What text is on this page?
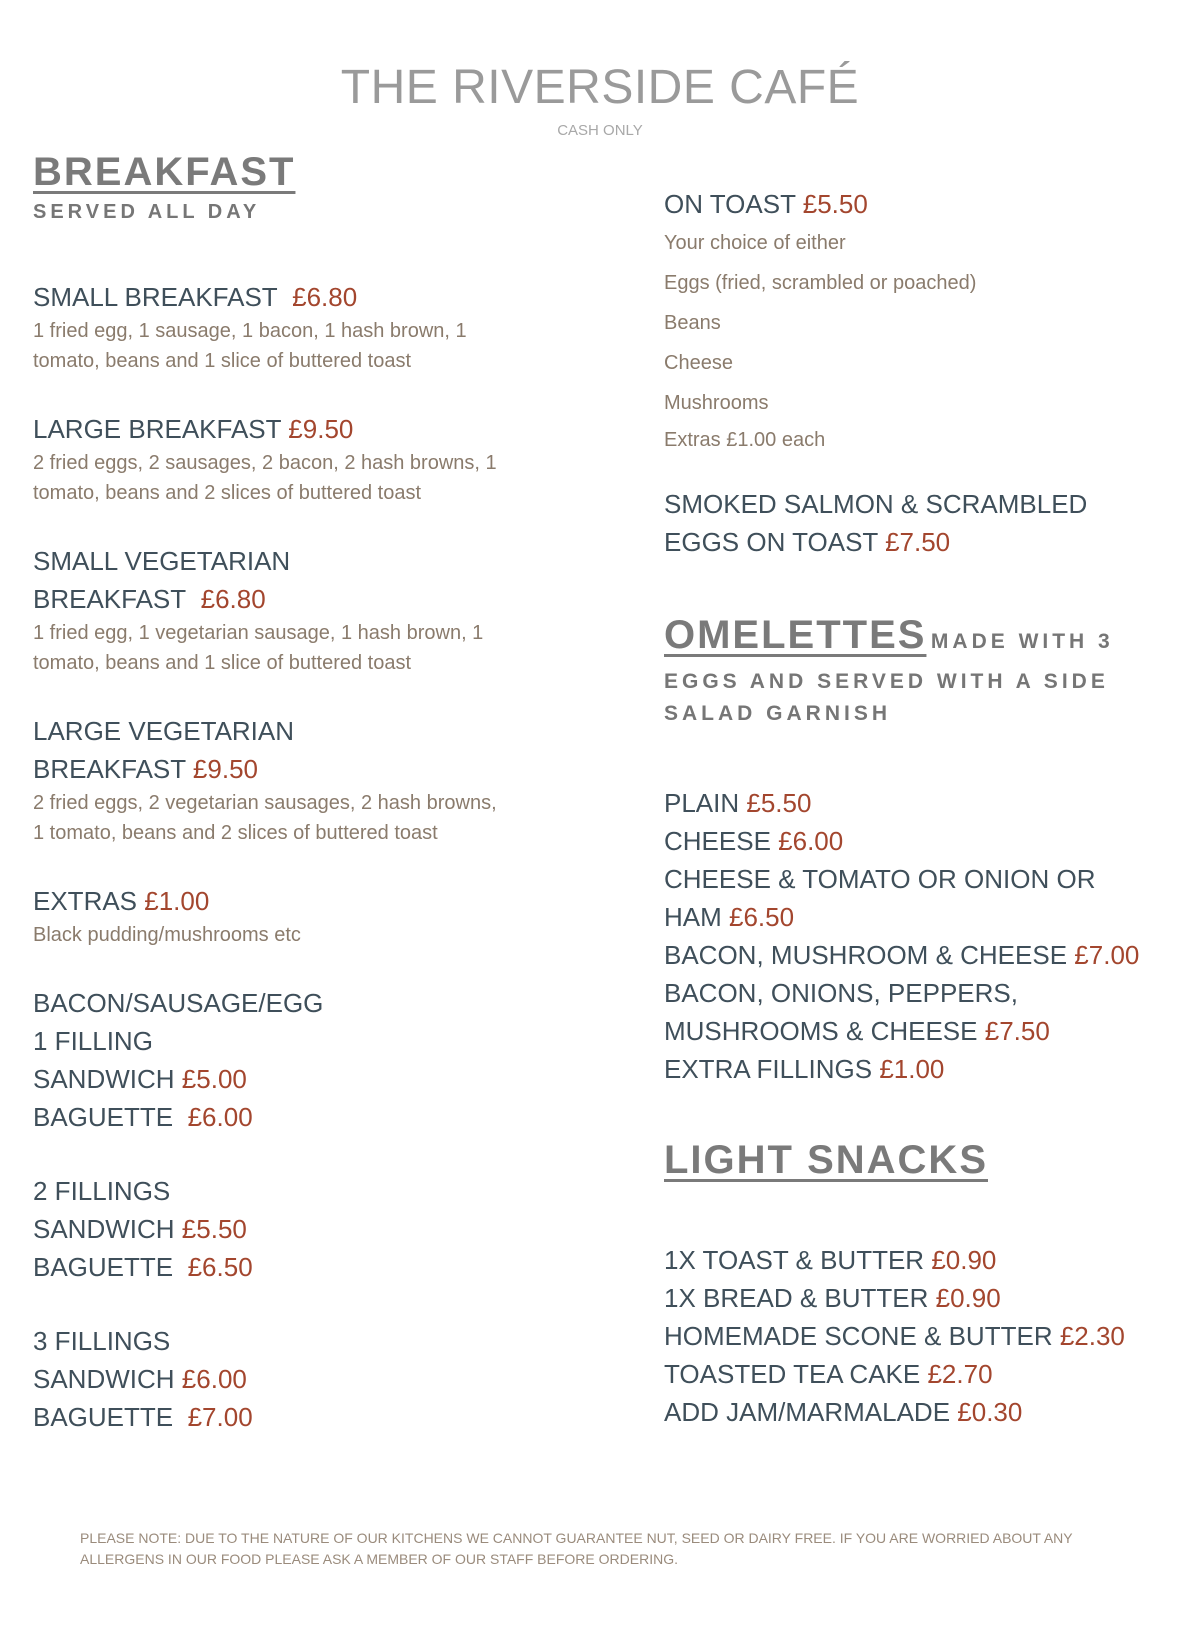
THE RIVERSIDE CAFÉ
CASH ONLY
BREAKFAST
SERVED ALL DAY
SMALL BREAKFAST £6.80
1 fried egg, 1 sausage, 1 bacon, 1 hash brown, 1
tomato, beans and 1 slice of buttered toast
LARGE BREAKFAST £9.50
2 fried eggs, 2 sausages, 2 bacon, 2 hash browns, 1
tomato, beans and 2 slices of buttered toast
SMALL VEGETARIAN
BREAKFAST £6.80
1 fried egg, 1 vegetarian sausage, 1 hash brown, 1
tomato, beans and 1 slice of buttered toast
LARGE VEGETARIAN
BREAKFAST £9.50
2 fried eggs, 2 vegetarian sausages, 2 hash browns,
1 tomato, beans and 2 slices of buttered toast
EXTRAS £1.00
Black pudding/mushrooms etc
BACON/SAUSAGE/EGG
1 FILLING
SANDWICH £5.00
BAGUETTE £6.00
2 FILLINGS
SANDWICH £5.50
BAGUETTE £6.50
3 FILLINGS
SANDWICH £6.00
BAGUETTE £7.00
ON TOAST £5.50
Your choice of either
Eggs (fried, scrambled or poached)
Beans
Cheese
Mushrooms
Extras £1.00 each
SMOKED SALMON & SCRAMBLED
EGGS ON TOAST £7.50
OMELETTES MADE WITH 3
EGGS AND SERVED WITH A SIDE
SALAD GARNISH
PLAIN £5.50
CHEESE £6.00
CHEESE & TOMATO OR ONION OR
HAM £6.50
BACON, MUSHROOM & CHEESE £7.00
BACON, ONIONS, PEPPERS,
MUSHROOMS & CHEESE £7.50
EXTRA FILLINGS £1.00
LIGHT SNACKS
1X TOAST & BUTTER £0.90
1X BREAD & BUTTER £0.90
HOMEMADE SCONE & BUTTER £2.30
TOASTED TEA CAKE £2.70
ADD JAM/MARMALADE £0.30
PLEASE NOTE: DUE TO THE NATURE OF OUR KITCHENS WE CANNOT GUARANTEE NUT, SEED OR DAIRY FREE. IF YOU ARE WORRIED ABOUT ANY
ALLERGENS IN OUR FOOD PLEASE ASK A MEMBER OF OUR STAFF BEFORE ORDERING.
